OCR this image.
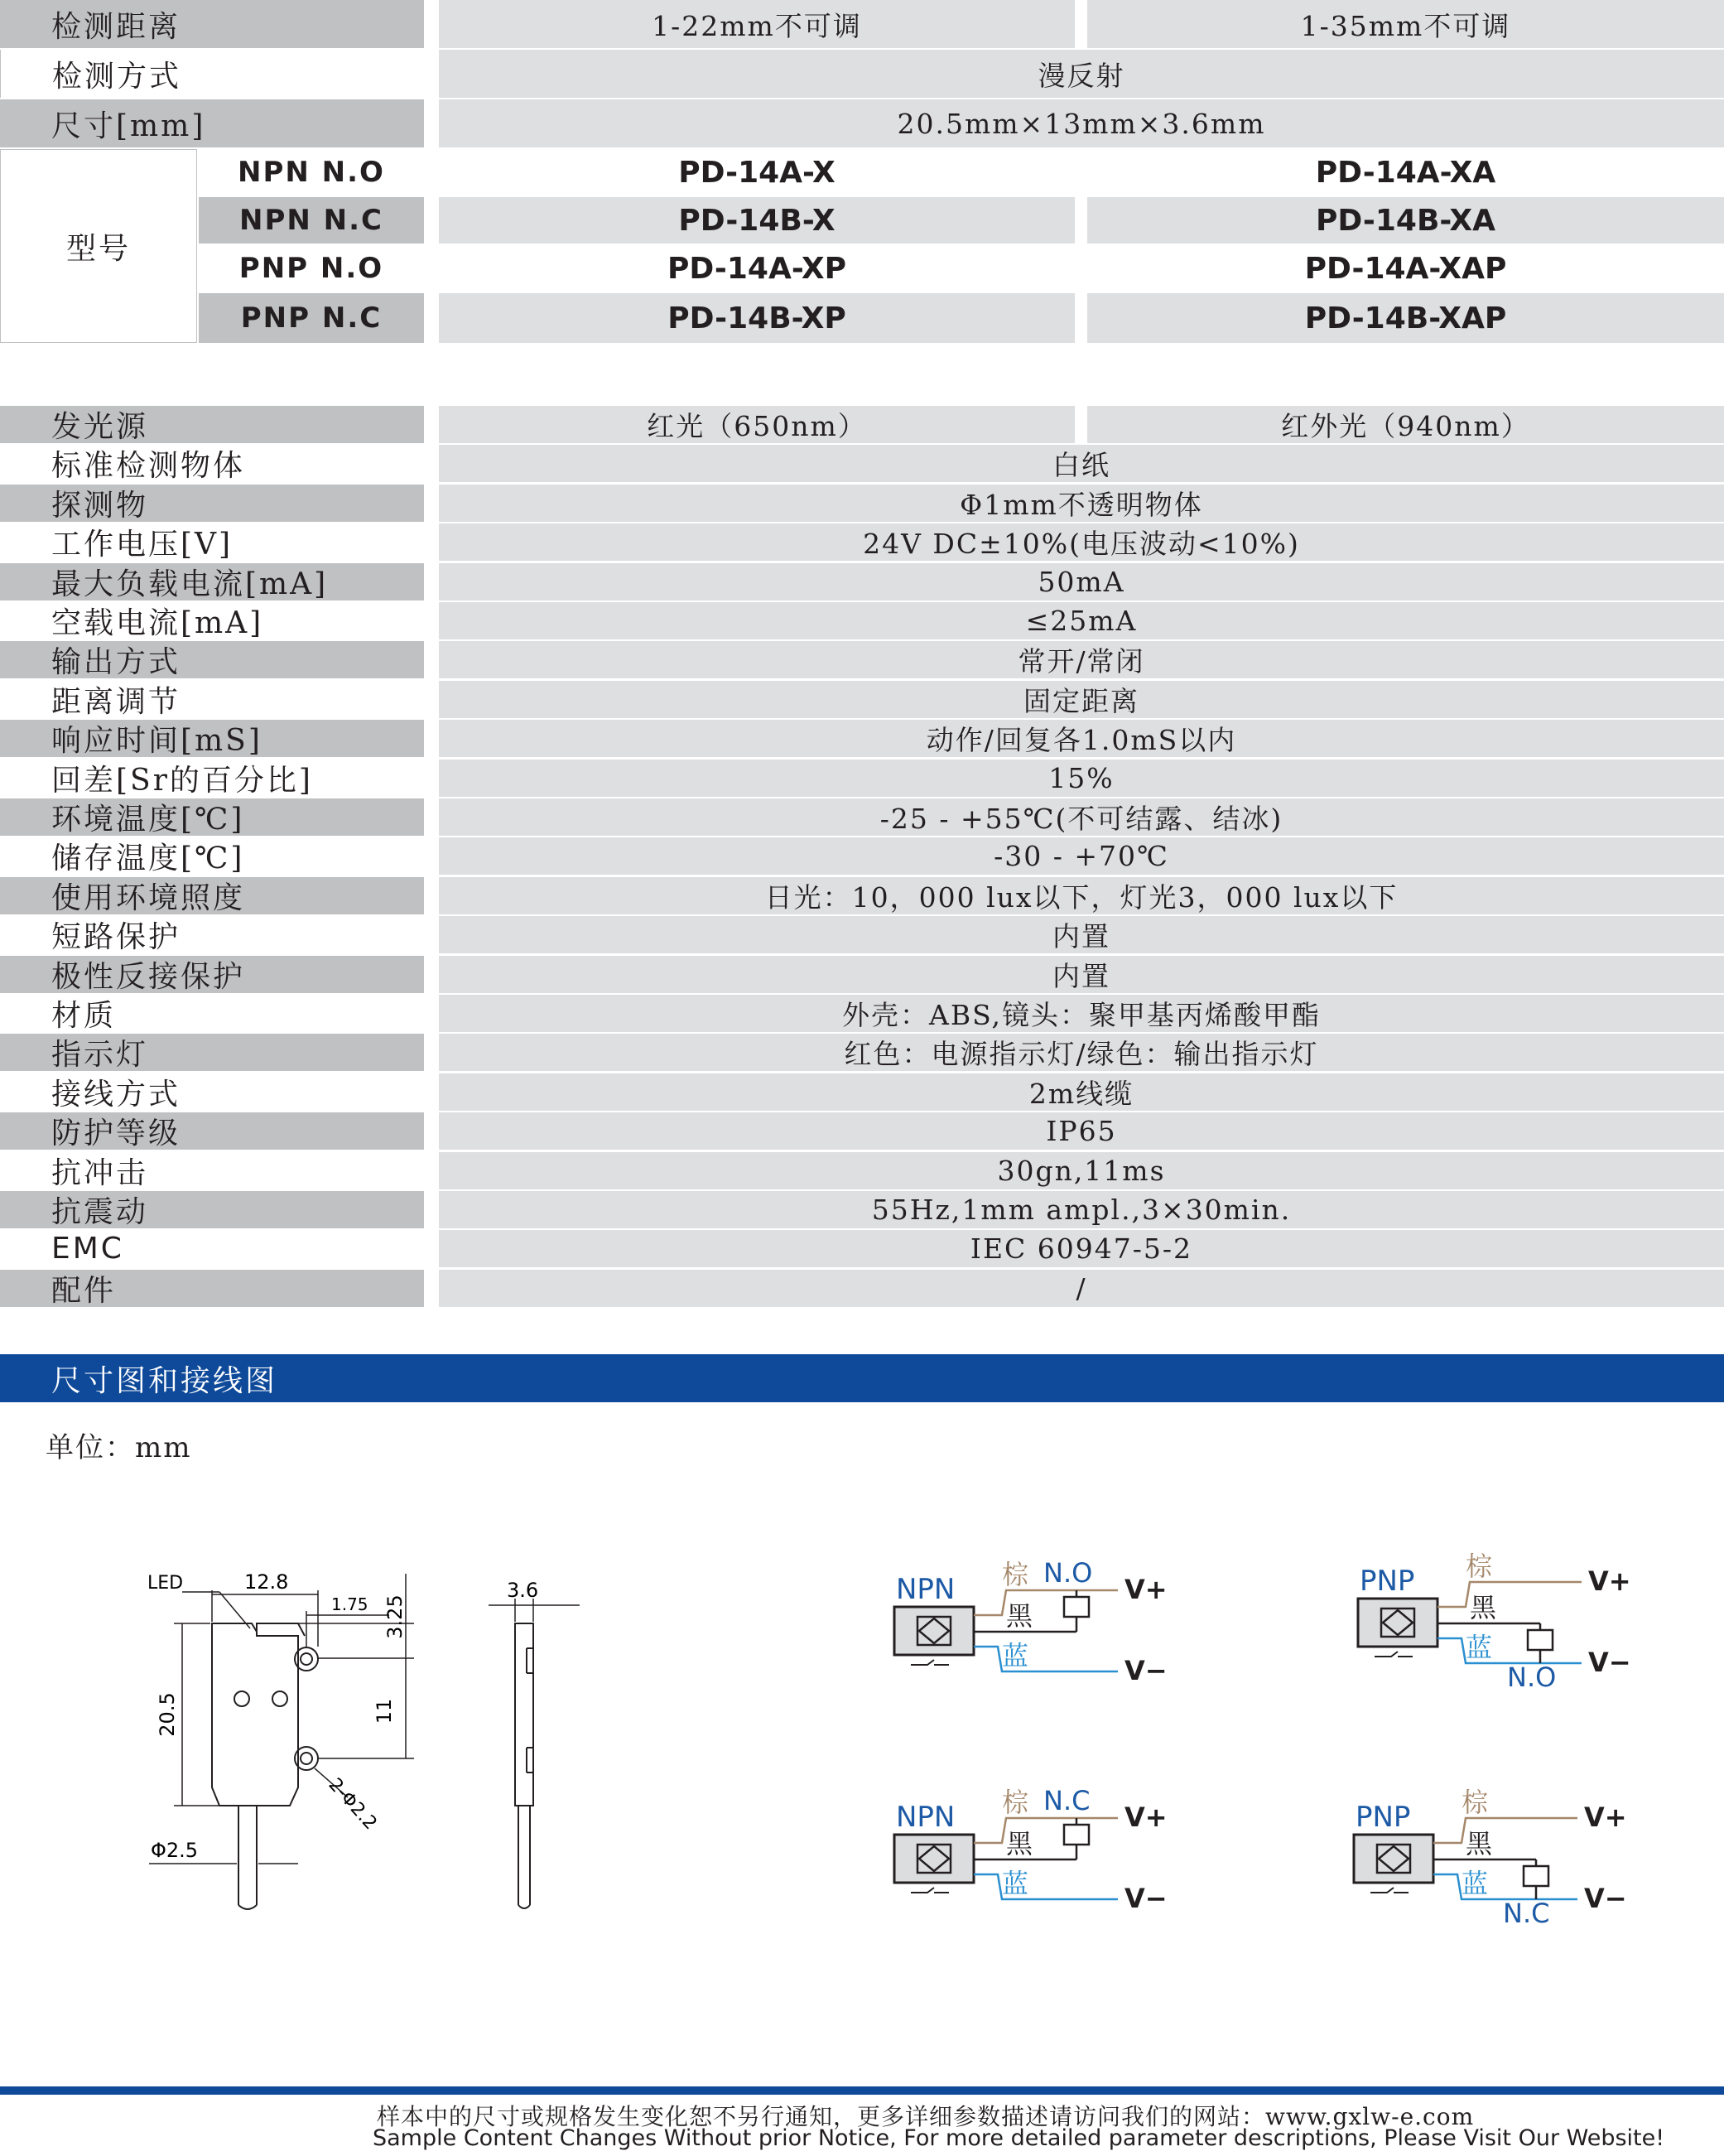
检测距离	1-22mm不可调	1-35mm不可调
检测方式	漫反射
尺寸[mm]	20.5mm×13mm×3.6mm
型号
NPN N.O	PD-14A-X	PD-14A-XA
NPN N.C	PD-14B-X	PD-14B-XA
PNP N.O	PD-14A-XP	PD-14A-XAP
PNP N.C	PD-14B-XP	PD-14B-XAP
发光源	红光（650nm）	红外光（940nm）
标准检测物体	白纸
探测物	Φ1mm不透明物体
工作电压[V]	24V DC±10%(电压波动<10%)
最大负载电流[mA]	50mA
空载电流[mA]	≤25mA
输出方式	常开/常闭
距离调节	固定距离
响应时间[mS]	动作/回复各1.0mS以内
回差[Sr的百分比]	15%
环境温度[℃]	-25 - +55℃(不可结露、结冰)
储存温度[℃]	-30 - +70℃
使用环境照度	日光：10，000 lux以下，灯光3，000 lux以下
短路保护	内置
极性反接保护	内置
材质	外壳：ABS,镜头：聚甲基丙烯酸甲酯
指示灯	红色：电源指示灯/绿色：输出指示灯
接线方式	2m线缆
防护等级	IP65
抗冲击	30gn,11ms
抗震动	55Hz,1mm ampl.,3×30min.
EMC	IEC 60947-5-2
配件	/
尺寸图和接线图
单位：mm
LED	12.8
1.75 3.25
11
20.5
2-Φ2.2
Φ2.5
3.6	NPN 棕
黑
蓝
N.O
V+
V−
PNP 棕
黑
蓝
N.O
V+
V−
NPN 棕
黑
蓝
N.C
V+
V−
PNP 棕
黑
蓝
N.C
V+
V−
样本中的尺寸或规格发生变化恕不另行通知，更多详细参数描述请访问我们的网站：www.gxlw-e.com
Sample Content Changes Without prior Notice, For more detailed parameter descriptions, Please Visit Our Website!
